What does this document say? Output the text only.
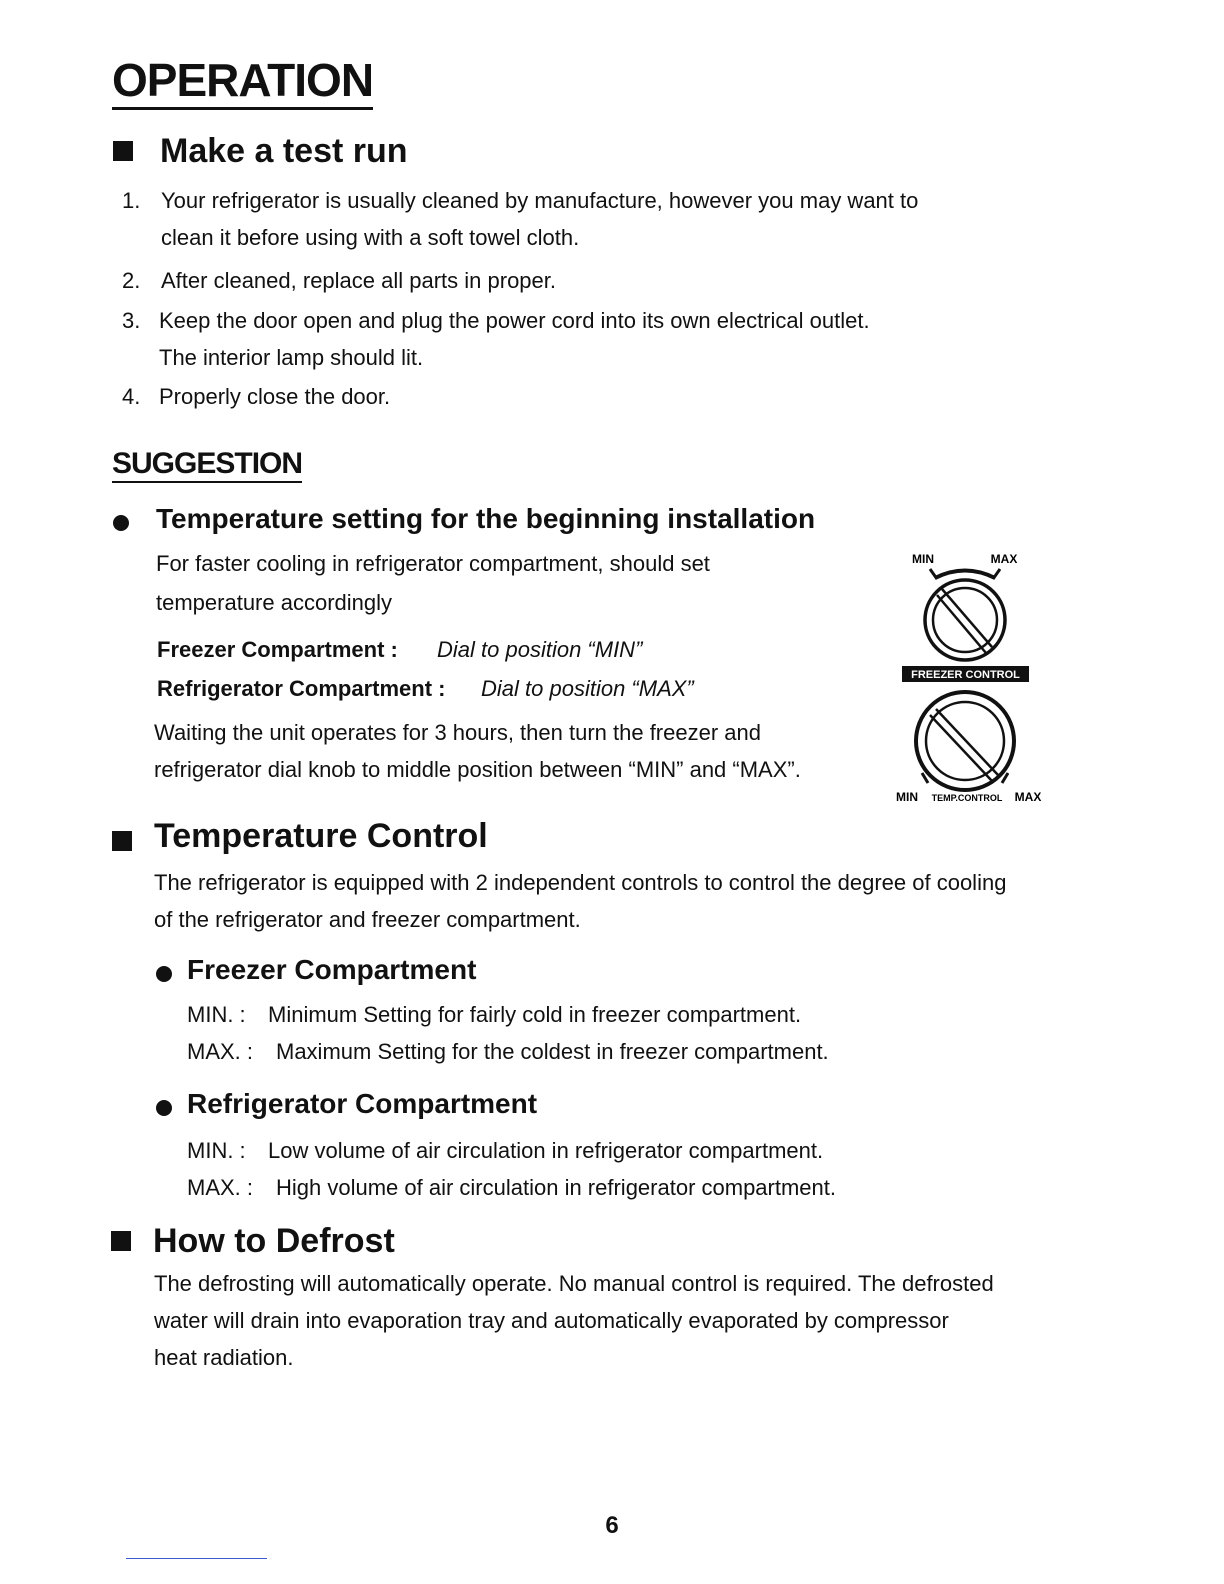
OPERATION
Make a test run
1. Your refrigerator is usually cleaned by manufacture, however you may want to
clean it before using with a soft towel cloth.
2. After cleaned, replace all parts in proper.
3. Keep the door open and plug the power cord into its own electrical outlet.
The interior lamp should lit.
4. Properly close the door.
SUGGESTION
Temperature setting for the beginning installation
For faster cooling in refrigerator compartment, should set
temperature accordingly
Freezer Compartment : Dial to position “MIN”
Refrigerator Compartment : Dial to position “MAX”
Waiting the unit operates for 3 hours, then turn the freezer and
refrigerator dial knob to middle position between “MIN” and “MAX”.
MIN	MAX
FREEZER CONTROL
MIN TEMP.CONTROL MAX
Temperature Control
The refrigerator is equipped with 2 independent controls to control the degree of cooling
of the refrigerator and freezer compartment.
Freezer Compartment
MIN. : Minimum Setting for fairly cold in freezer compartment.
MAX. : Maximum Setting for the coldest in freezer compartment.
Refrigerator Compartment
MIN. : Low volume of air circulation in refrigerator compartment.
MAX. : High volume of air circulation in refrigerator compartment.
How to Defrost
The defrosting will automatically operate. No manual control is required. The defrosted
water will drain into evaporation tray and automatically evaporated by compressor
heat radiation.
6
